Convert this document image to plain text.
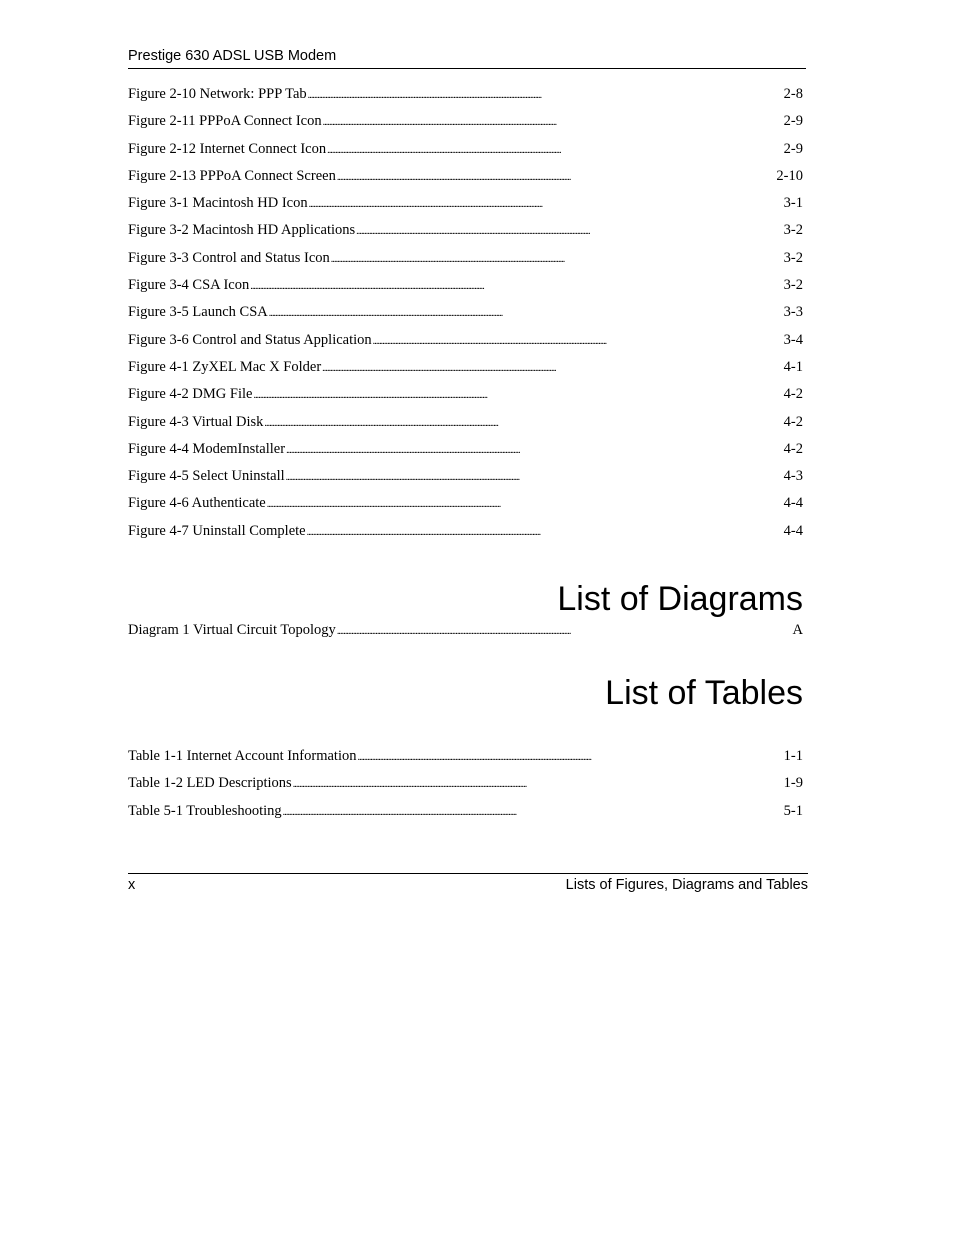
Prestige 630 ADSL USB Modem
Figure 2-10 Network: PPP Tab . . .	2-8
Figure 2-11 PPPoA Connect Icon . . .	2-9
Figure 2-12 Internet Connect Icon . . .	2-9
Figure 2-13 PPPoA Connect Screen . . .	2-10
Figure 3-1 Macintosh HD Icon . . .	3-1
Figure 3-2 Macintosh HD Applications . . .	3-2
Figure 3-3 Control and Status Icon . . .	3-2
Figure 3-4 CSA Icon . . .	3-2
Figure 3-5 Launch CSA . . .	3-3
Figure 3-6 Control and Status Application . . .	3-4
Figure 4-1 ZyXEL Mac X Folder . . .	4-1
Figure 4-2 DMG File . . .	4-2
Figure 4-3 Virtual Disk . . .	4-2
Figure 4-4 ModemInstaller . . .	4-2
Figure 4-5 Select Uninstall . . .	4-3
Figure 4-6 Authenticate . . .	4-4
Figure 4-7 Uninstall Complete . . .	4-4
List of Diagrams
Diagram 1 Virtual Circuit Topology . . .	A
List of Tables
Table 1-1 Internet Account Information . . .	1-1
Table 1-2 LED Descriptions . . .	1-9
Table 5-1 Troubleshooting . . .	5-1
x	Lists of Figures, Diagrams and Tables
